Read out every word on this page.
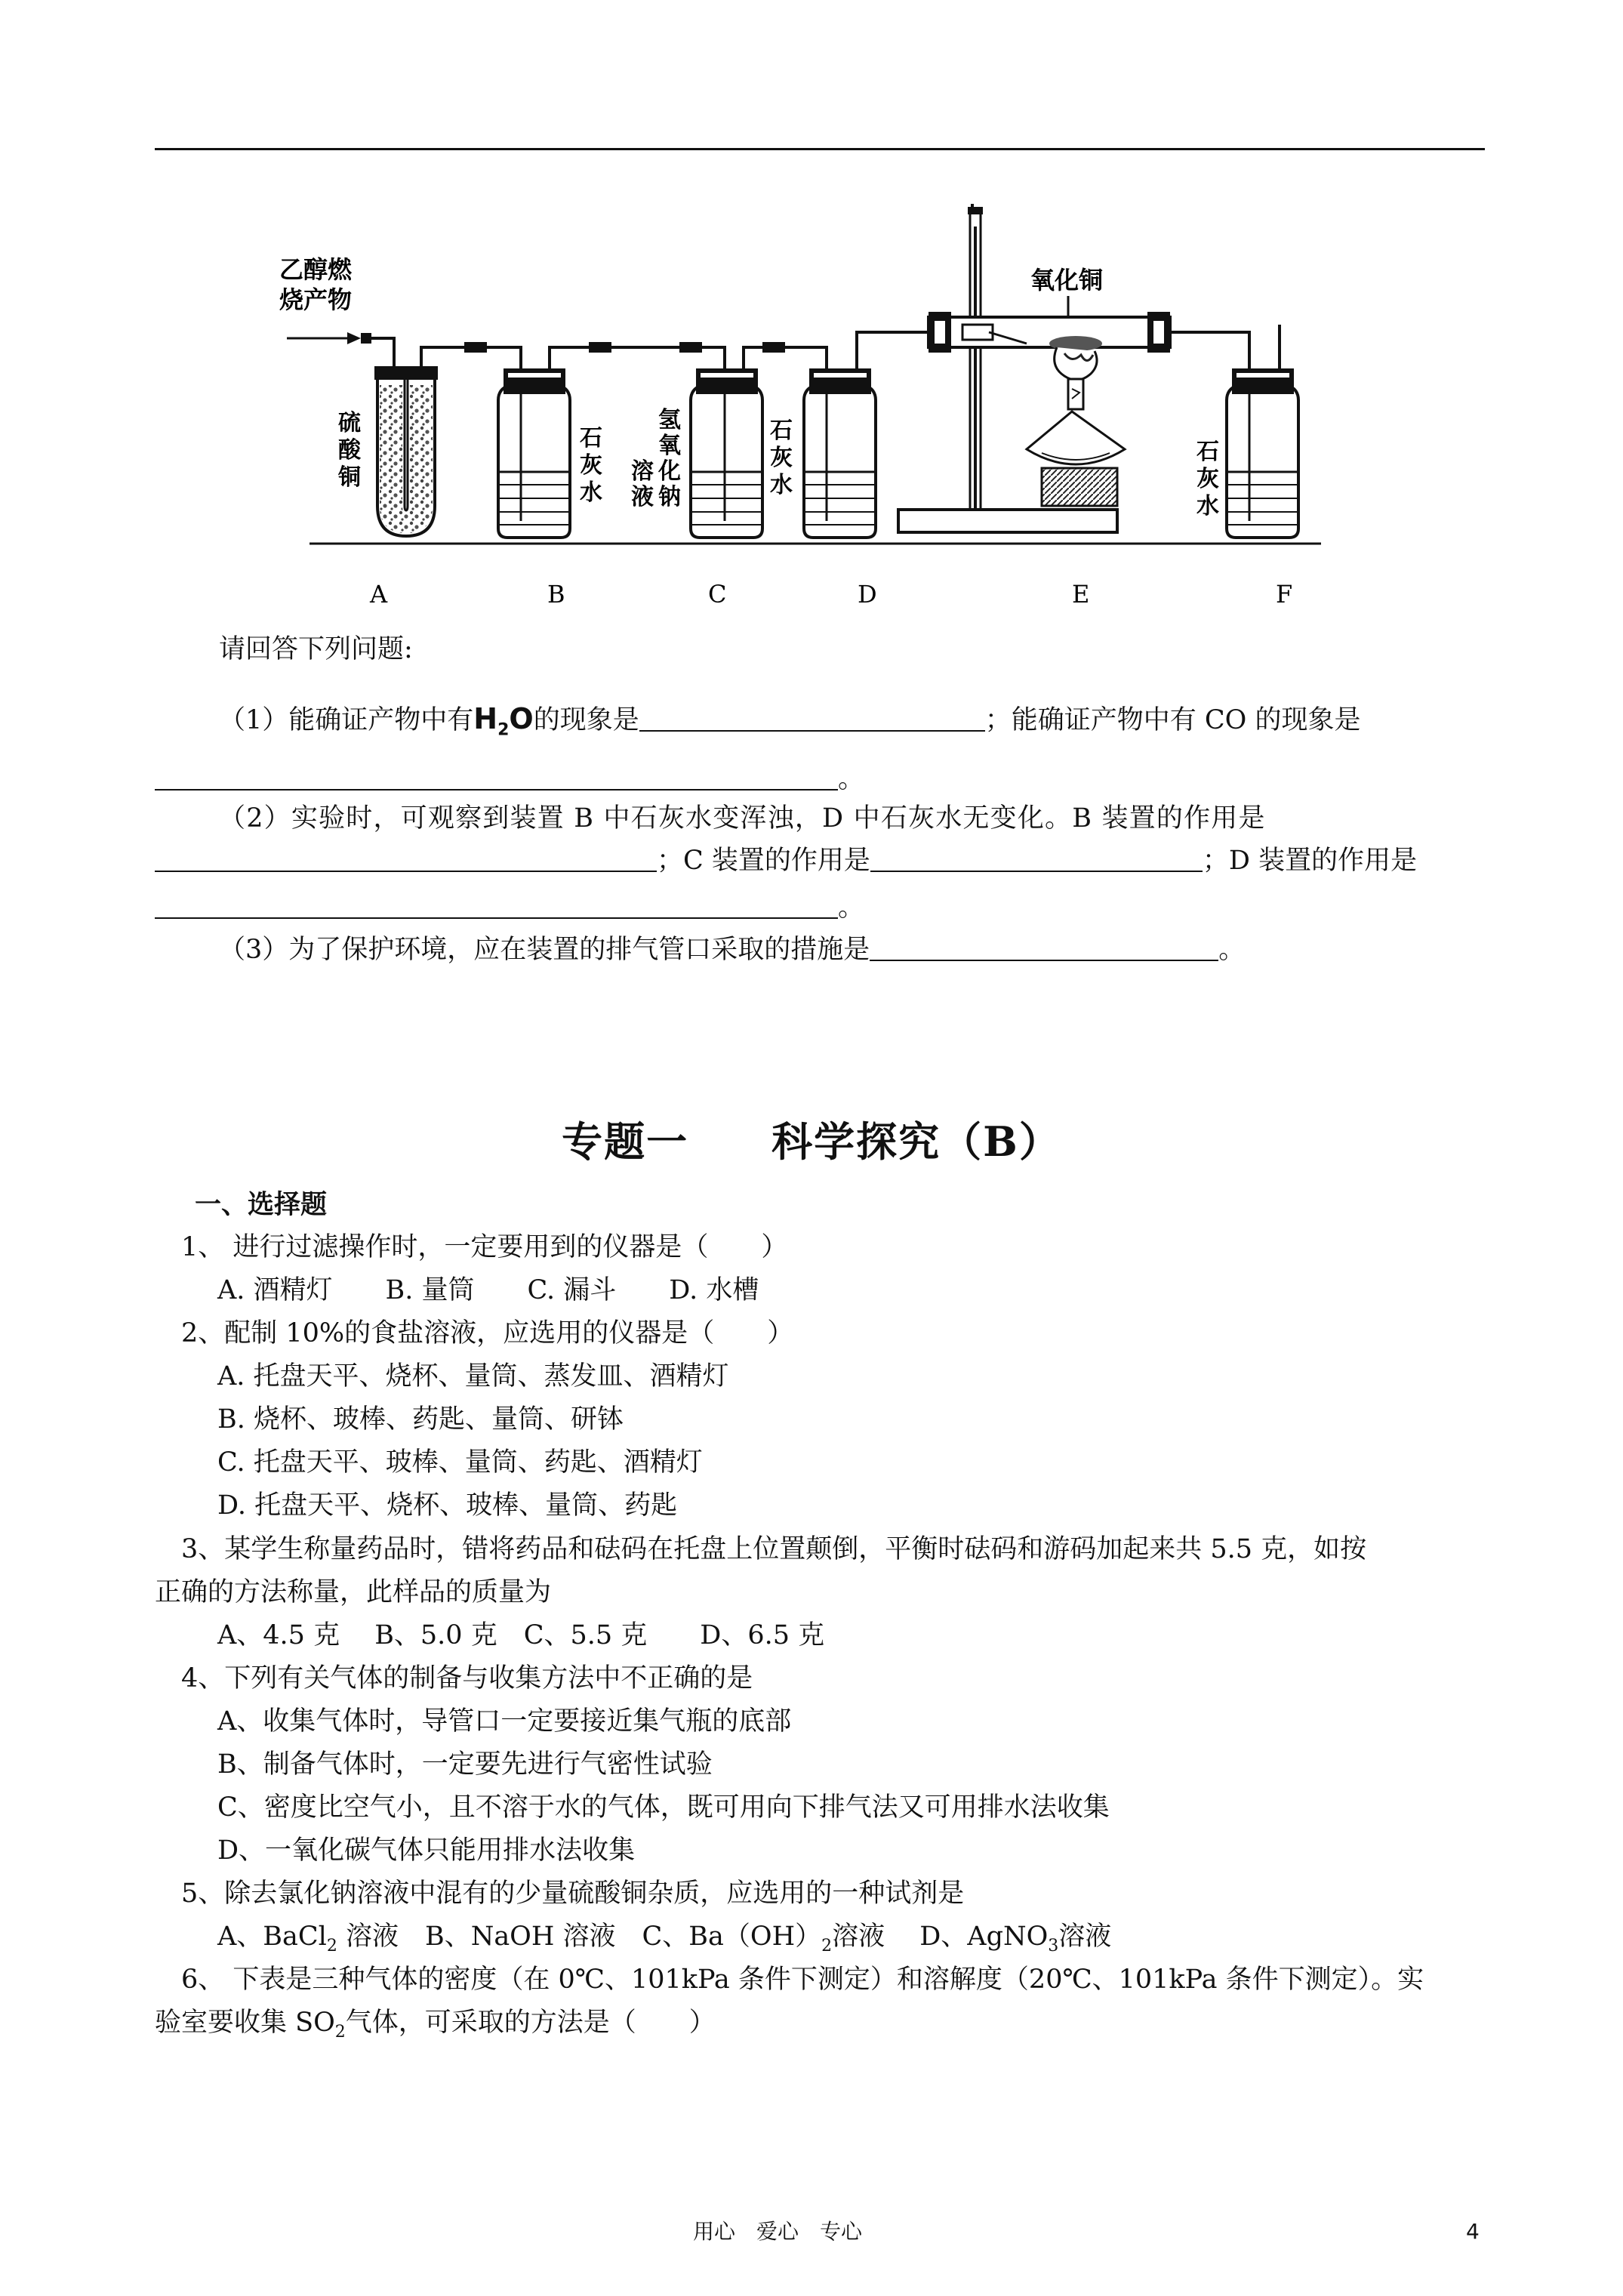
乙醇燃
烧产物
硫
酸
铜
石
灰
水
氢
氧
化
钠
溶
液
石
灰
水
氧化铜
石
灰
水
A	B	C	D	E	F
请回答下列问题:
（1）能确证产物中有$H_2O$的现象是	；能确证产物中有 CO 的现象是
。
（2）实验时，可观察到装置 B 中石灰水变浑浊，D 中石灰水无变化。B 装置的作用是
；C 装置的作用是	；D 装置的作用是
。
（3）为了保护环境，应在装置的排气管口采取的措施是	。
专题一 科学探究（B）
一、选择题
1、 进行过滤操作时，一定要用到的仪器是（　　）
A. 酒精灯　　B. 量筒　　C. 漏斗　　D. 水槽
2、配制 10%的食盐溶液，应选用的仪器是（　　）
A. 托盘天平、烧杯、量筒、蒸发皿、酒精灯
B. 烧杯、玻棒、药匙、量筒、研钵
C. 托盘天平、玻棒、量筒、药匙、酒精灯
D. 托盘天平、烧杯、玻棒、量筒、药匙
3、某学生称量药品时，错将药品和砝码在托盘上位置颠倒，平衡时砝码和游码加起来共 5.5 克，如按
正确的方法称量，此样品的质量为
A、4.5 克　 B、5.0 克　C、5.5 克　　D、6.5 克
4、下列有关气体的制备与收集方法中不正确的是
A、收集气体时，导管口一定要接近集气瓶的底部
B、制备气体时，一定要先进行气密性试验
C、密度比空气小，且不溶于水的气体，既可用向下排气法又可用排水法收集
D、一氧化碳气体只能用排水法收集
5、除去氯化钠溶液中混有的少量硫酸铜杂质，应选用的一种试剂是
A、BaCl$_2$ 溶液　B、NaOH 溶液　C、$Ba(OH)_2$溶液　 D、AgNO$_3$溶液
6、 下表是三种气体的密度（在 0℃、101kPa 条件下测定）和溶解度（20℃、101kPa 条件下测定）。实
验室要收集 $SO_2$气体，可采取的方法是（　　）
用心　爱心　专心	4
